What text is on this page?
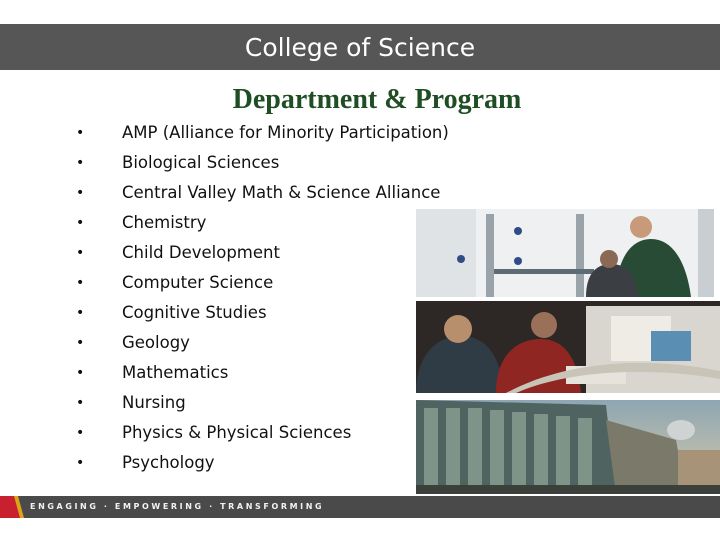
College of Science
Department & Program
•	AMP (Alliance for Minority Participation)
•	Biological Sciences
•	Central Valley Math & Science Alliance
•	Chemistry
•	Child Development
•	Computer Science
•	Cognitive Studies
•	Geology
•	Mathematics
•	Nursing
•	Physics & Physical Sciences
•	Psychology
ENGAGING · EMPOWERING · TRANSFORMING
